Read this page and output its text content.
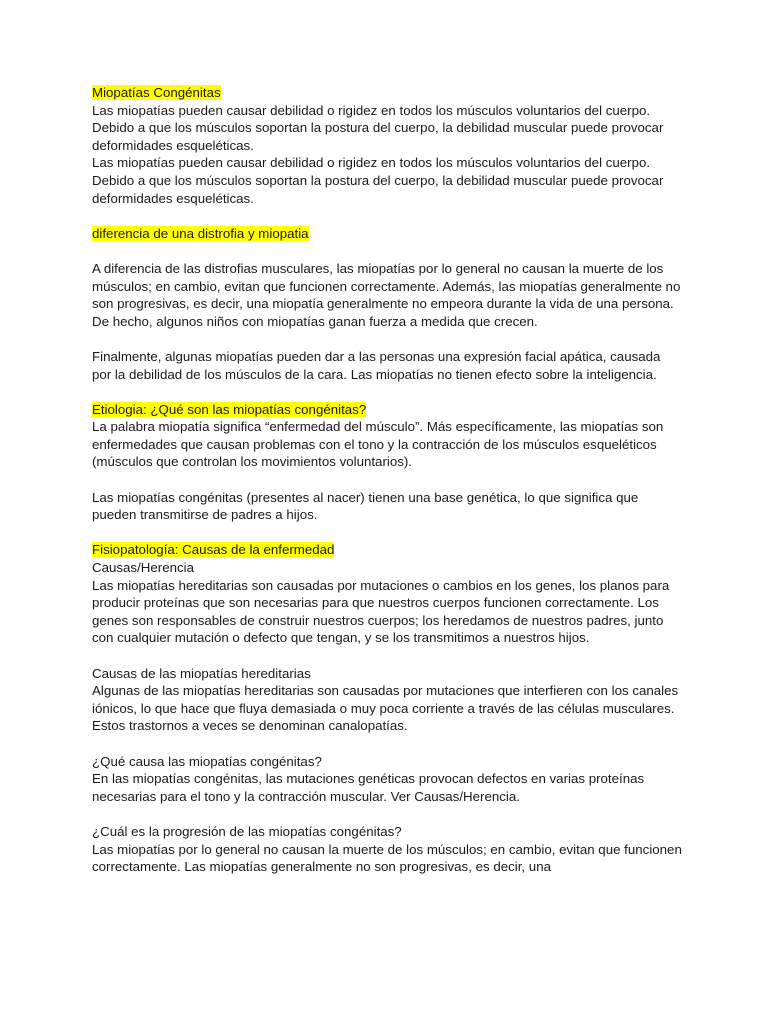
Miopatías Congénitas

Las miopatías pueden causar debilidad o rigidez en todos los músculos voluntarios del cuerpo. Debido a que los músculos soportan la postura del cuerpo, la debilidad muscular puede provocar deformidades esqueléticas.

Las miopatías pueden causar debilidad o rigidez en todos los músculos voluntarios del cuerpo. Debido a que los músculos soportan la postura del cuerpo, la debilidad muscular puede provocar deformidades esqueléticas.

diferencia de una distrofia y miopatia

A diferencia de las distrofias musculares, las miopatías por lo general no causan la muerte de los músculos; en cambio, evitan que funcionen correctamente. Además, las miopatías generalmente no son progresivas, es decir, una miopatía generalmente no empeora durante la vida de una persona. De hecho, algunos niños con miopatías ganan fuerza a medida que crecen.

Finalmente, algunas miopatías pueden dar a las personas una expresión facial apática, causada por la debilidad de los músculos de la cara. Las miopatías no tienen efecto sobre la inteligencia.

Etiologia: ¿Qué son las miopatías congénitas?

La palabra miopatía significa “enfermedad del músculo”. Más específicamente, las miopatías son enfermedades que causan problemas con el tono y la contracción de los músculos esqueléticos (músculos que controlan los movimientos voluntarios).

Las miopatías congénitas (presentes al nacer) tienen una base genética, lo que significa que pueden transmitirse de padres a hijos.

Fisiopatología: Causas de la enfermedad

Causas/Herencia

Las miopatías hereditarias son causadas por mutaciones o cambios en los genes, los planos para producir proteínas que son necesarias para que nuestros cuerpos funcionen correctamente. Los genes son responsables de construir nuestros cuerpos; los heredamos de nuestros padres, junto con cualquier mutación o defecto que tengan, y se los transmitimos a nuestros hijos.

Causas de las miopatías hereditarias

Algunas de las miopatías hereditarias son causadas por mutaciones que interfieren con los canales iónicos, lo que hace que fluya demasiada o muy poca corriente a través de las células musculares. Estos trastornos a veces se denominan canalopatías.

¿Qué causa las miopatías congénitas?

En las miopatías congénitas, las mutaciones genéticas provocan defectos en varias proteínas necesarias para el tono y la contracción muscular. Ver Causas/Herencia.

¿Cuál es la progresión de las miopatías congénitas?

Las miopatías por lo general no causan la muerte de los músculos; en cambio, evitan que funcionen correctamente. Las miopatías generalmente no son progresivas, es decir, una
